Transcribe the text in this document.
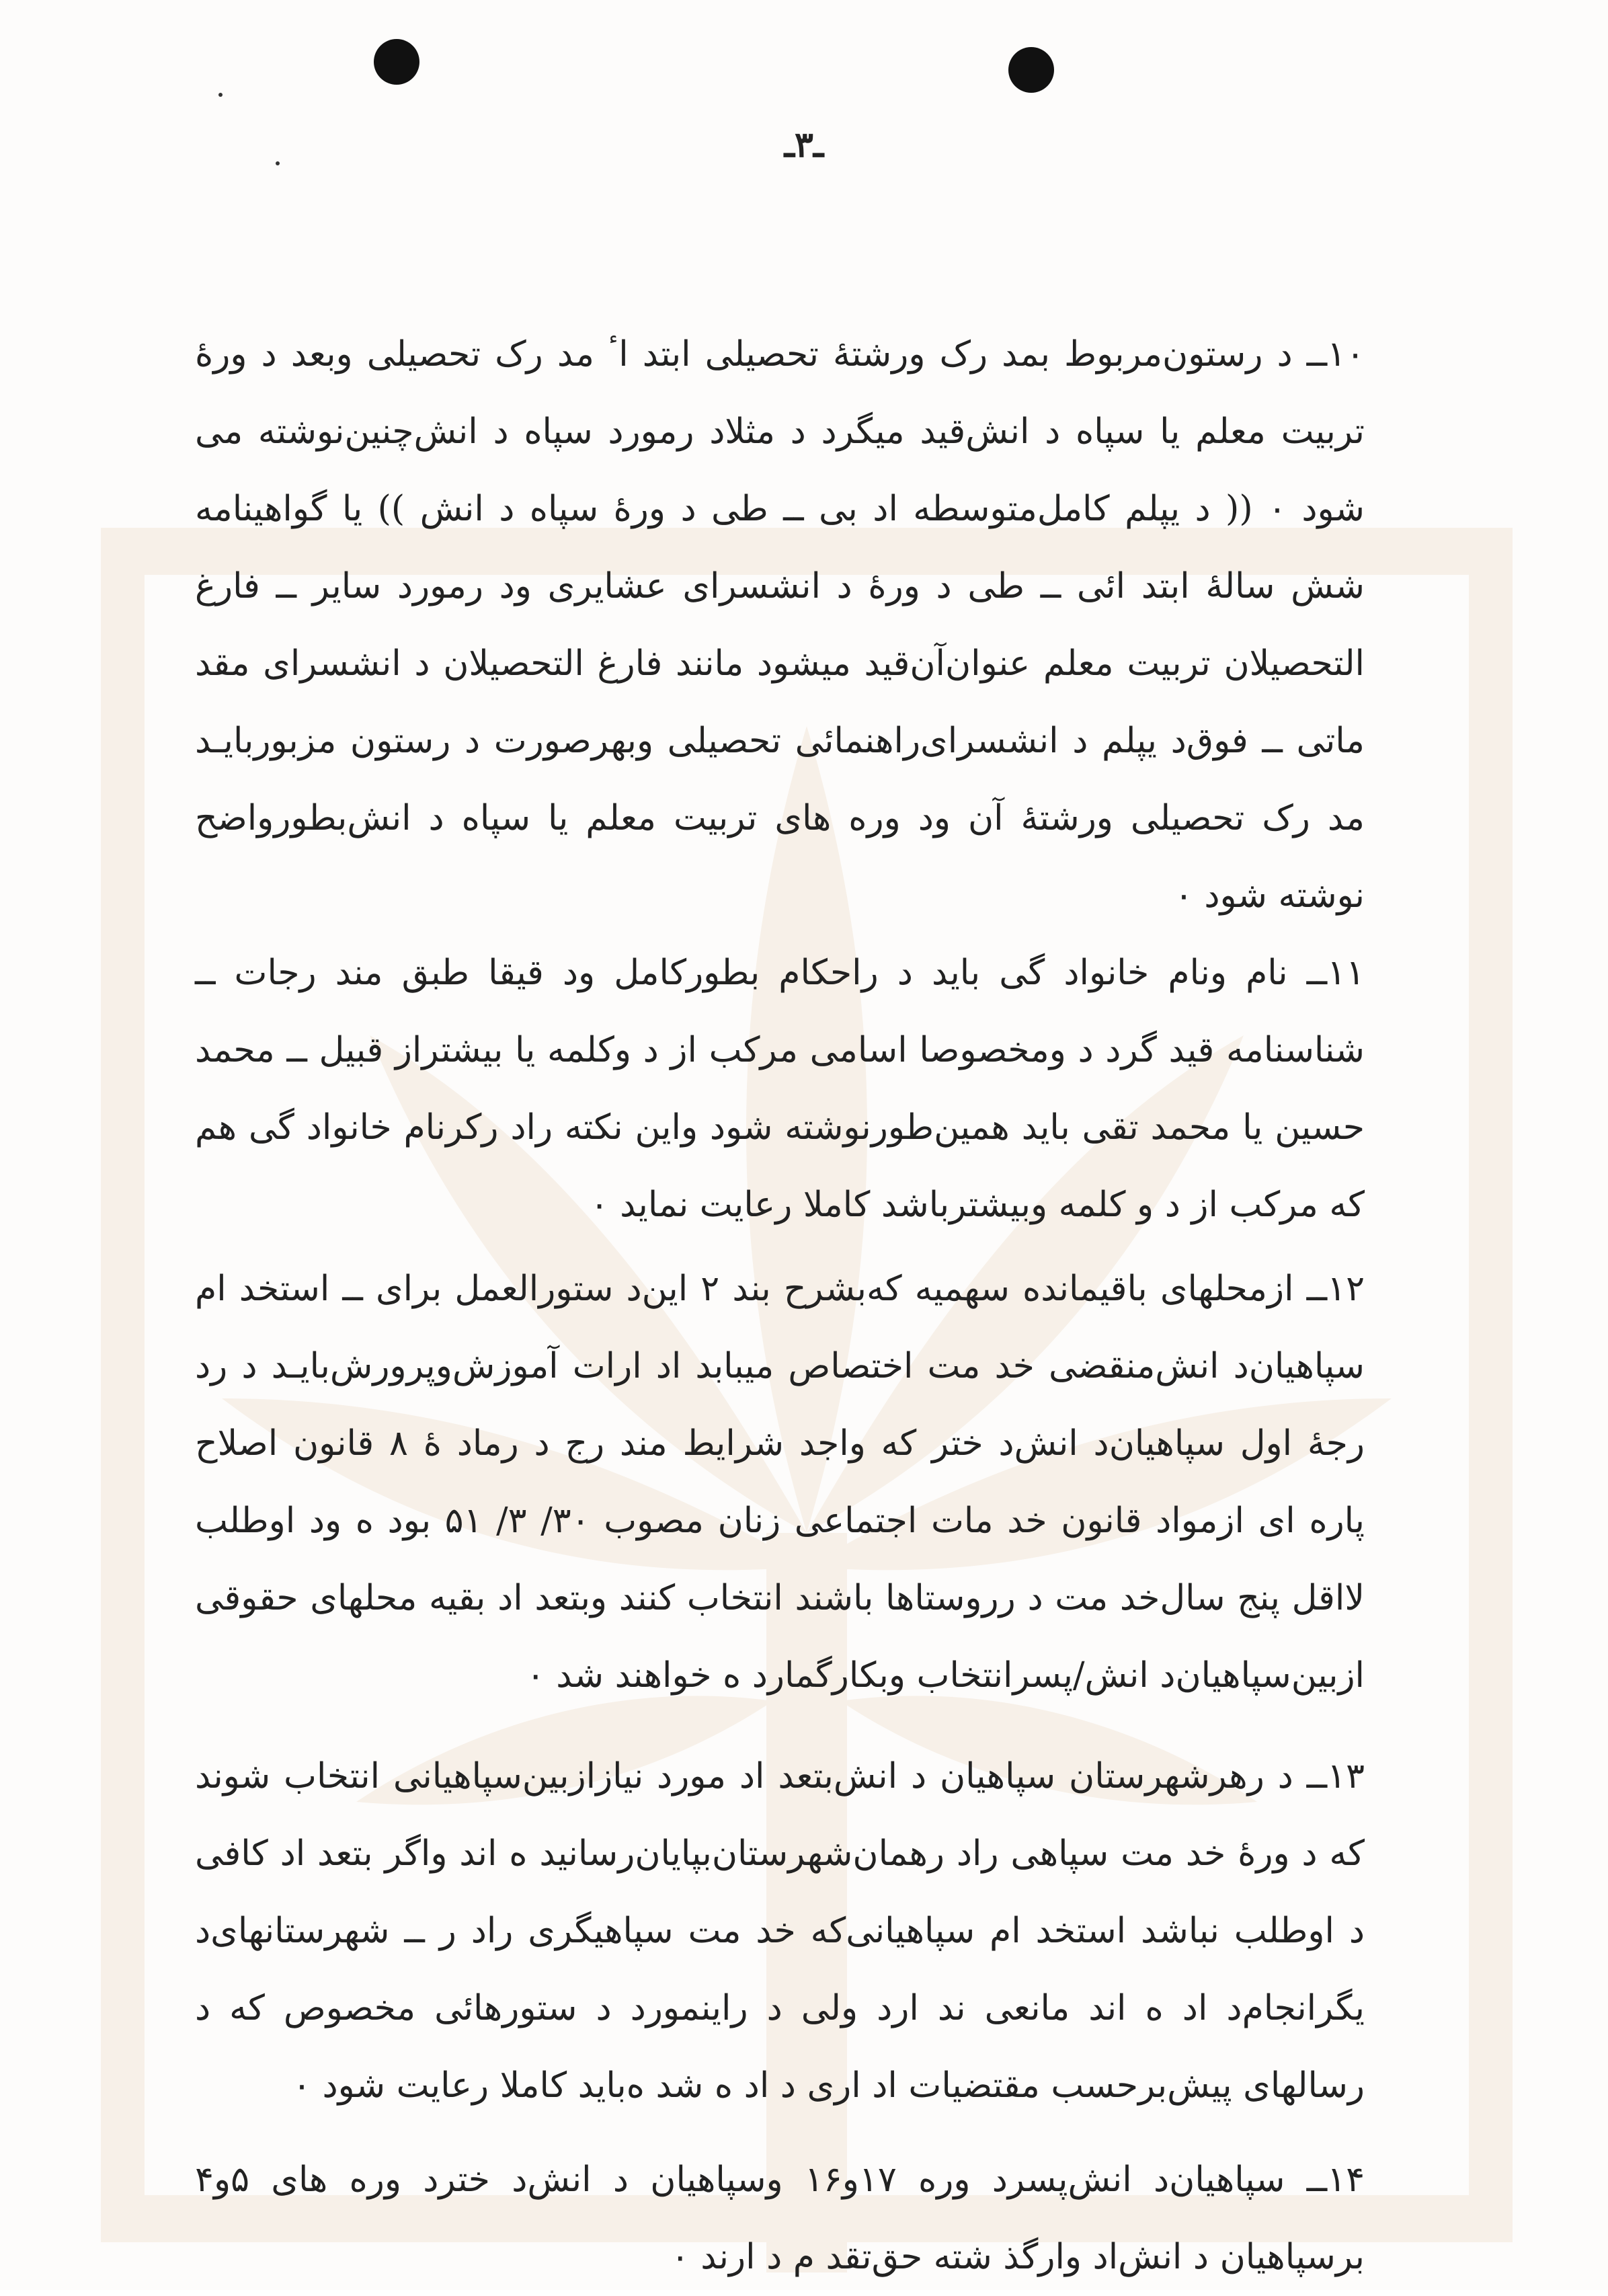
ـ٣ـ

۱۰ــ د رستون‌مربوط بمد رک ورشته‌ٔ تحصیلی ابتد اٴ مد رک تحصیلی وبعد د وره‌ٔ تربیت معلم یا سپاه د انش‌قید میگرد د مثلاد رمورد سپاه د انش‌چنین‌نوشته می شود ٠ (( د یپلم کامل‌متوسطه اد بی ــ طی د وره‌ٔ سپاه د انش )) یا گواهینامه شش ساله‌ٔ ابتد ائی ــ طی د وره‌ٔ د انشسرای عشایری ود رمورد سایر ــ فارغ التحصیلان تربیت معلم عنوان‌آن‌قید میشود مانند فارغ التحصیلان د انشسرای مقد ماتی ــ فوق‌د یپلم د انشسرای‌راهنمائی تحصیلی وبهرصورت د رستون مزبوربایـد مد رک تحصیلی ورشته‌ٔ آن ود وره های تربیت معلم یا سپاه د انش‌بطورواضح نوشته شود ٠

۱۱ــ نام ونام خانواد گی باید د راحکام بطورکامل ود قیقا طبق مند رجات ــ شناسنامه قید گرد د ومخصوصا اسامی مرکب از د وکلمه یا بیشتراز قبیل ــ محمد حسین یا محمد تقی باید همین‌طورنوشته شود واین نکته راد رکرنام خانواد گی هم که مرکب از د و کلمه وبیشترباشد کاملا رعایت نماید ٠

۱۲ــ ازمحلهای باقیمانده سهمیه که‌بشرح بند ۲ این‌د ستورالعمل برای ــ استخد ام سپاهیان‌د انش‌منقضی خد مت اختصاص میبابد اد ارات آموزش‌وپرورش‌بایـد د رد رجه‌ٔ اول سپاهیان‌د انش‌د ختر که واجد شرایط مند رج د رماد هٔ ۸ قانون اصلاح پاره ای ازمواد قانون خد مات اجتماعی زنان مصوب ۳۰/ ۳/ ۵۱ بود ه ود اوطلب لااقل پنج سال‌خد مت د رروستاها باشند انتخاب کنند وبتعد اد بقیه محلهای حقوقی ازبین‌سپاهیان‌د انش/پسرانتخاب وبکارگمارد ه خواهند شد ٠

۱۳ــ د رهرشهرستان سپاهیان د انش‌بتعد اد مورد نیازازبین‌سپاهیانی انتخاب شوند که د وره‌ٔ خد مت سپاهی راد رهمان‌شهرستان‌بپایان‌رسانید ه اند واگر بتعد اد کافی د اوطلب نباشد استخد ام سپاهیانی‌که خد مت سپاهیگری راد ر ــ شهرستانهای‌د یگرانجام‌د اد ه اند مانعی ند ارد ولی د راینمورد د ستورهائی مخصوص که د رسالهای پیش‌برحسب مقتضیات اد اری د اد ه شد ه‌باید کاملا رعایت شود ٠

۱۴ــ سپاهیان‌د انش‌پسرد وره ۱۷و۱۶ وسپاهیان د انش‌د خترد وره های ۵و۴ برسپاهیان د انش‌اد وارگذ شته حق‌تقد م د ارند ٠
